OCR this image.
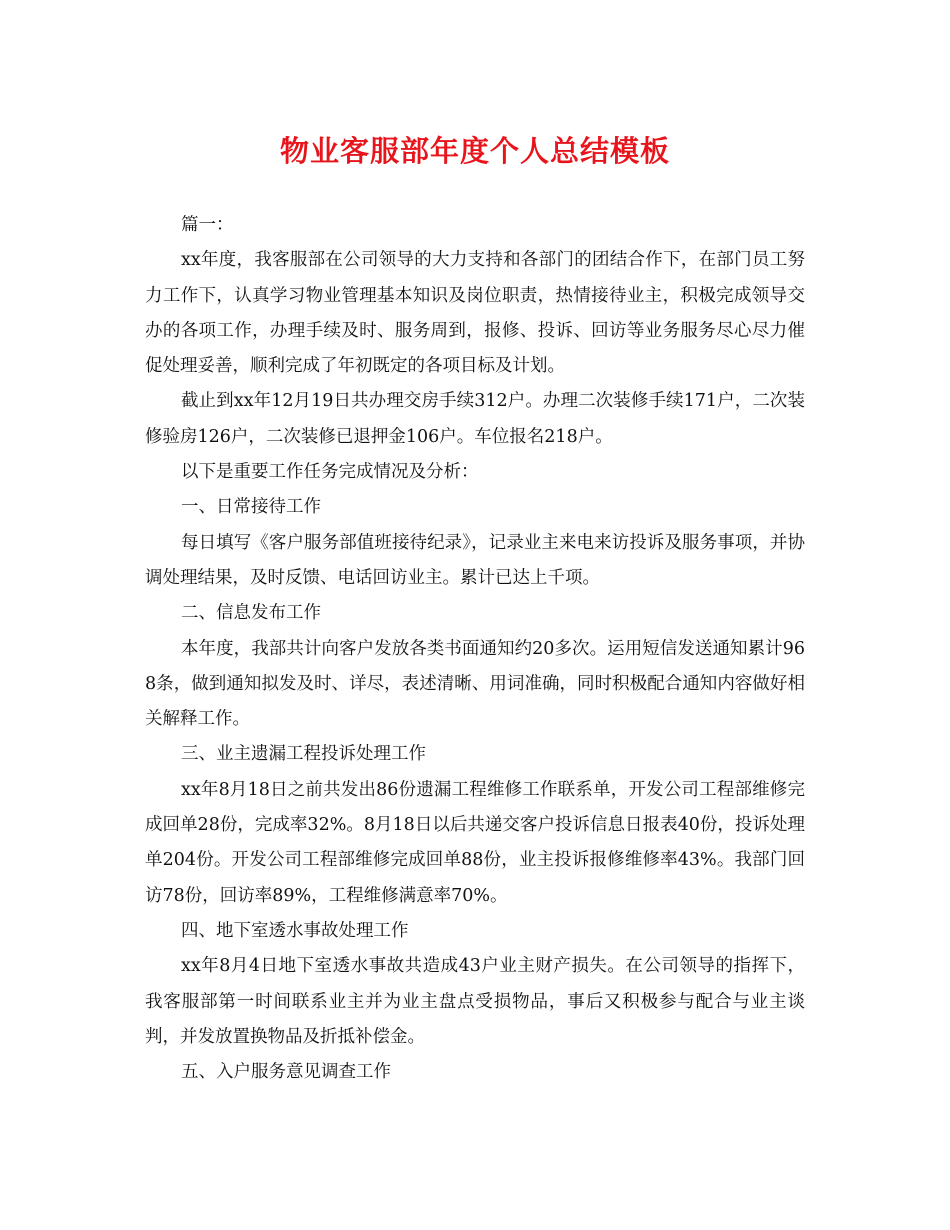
物业客服部年度个人总结模板

篇一：

xx年度，我客服部在公司领导的大力支持和各部门的团结合作下，在部门员工努力工作下，认真学习物业管理基本知识及岗位职责，热情接待业主，积极完成领导交办的各项工作，办理手续及时、服务周到，报修、投诉、回访等业务服务尽心尽力催促处理妥善，顺利完成了年初既定的各项目标及计划。

截止到xx年12月19日共办理交房手续312户。办理二次装修手续171户，二次装修验房126户，二次装修已退押金106户。车位报名218户。

以下是重要工作任务完成情况及分析：

一、日常接待工作

每日填写《客户服务部值班接待纪录》，记录业主来电来访投诉及服务事项，并协调处理结果，及时反馈、电话回访业主。累计已达上千项。

二、信息发布工作

本年度，我部共计向客户发放各类书面通知约20多次。运用短信发送通知累计968条，做到通知拟发及时、详尽，表述清晰、用词准确，同时积极配合通知内容做好相关解释工作。

三、业主遗漏工程投诉处理工作

xx年8月18日之前共发出86份遗漏工程维修工作联系单，开发公司工程部维修完成回单28份，完成率32%。8月18日以后共递交客户投诉信息日报表40份，投诉处理单204份。开发公司工程部维修完成回单88份，业主投诉报修维修率43%。我部门回访78份，回访率89%，工程维修满意率70%。

四、地下室透水事故处理工作

xx年8月4日地下室透水事故共造成43户业主财产损失。在公司领导的指挥下，我客服部第一时间联系业主并为业主盘点受损物品，事后又积极参与配合与业主谈判，并发放置换物品及折抵补偿金。

五、入户服务意见调查工作
